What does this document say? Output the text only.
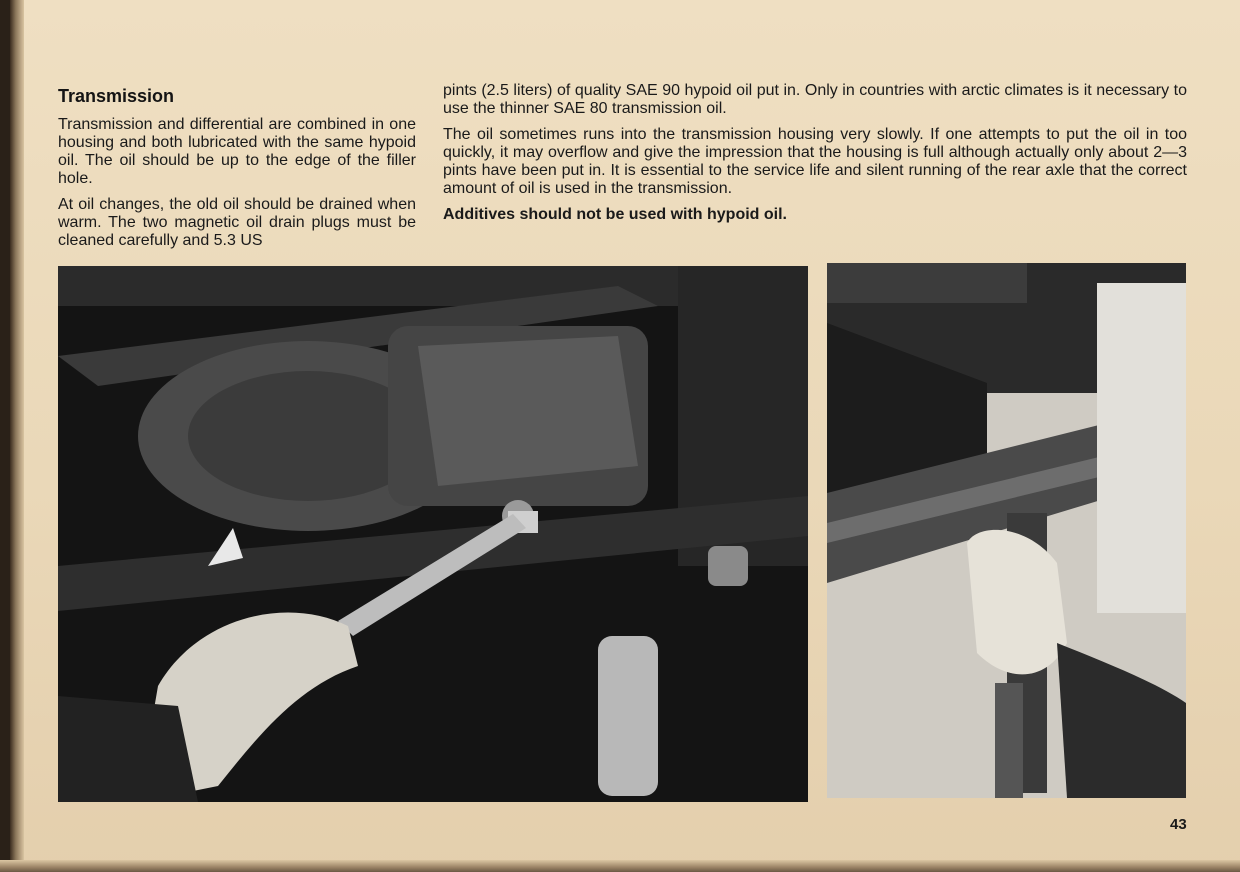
Transmission

Transmission and differential are combined in one housing and both lubricated with the same hypoid oil. The oil should be up to the edge of the filler hole.

At oil changes, the old oil should be drained when warm. The two magnetic oil drain plugs must be cleaned carefully and 5.3 US

pints (2.5 liters) of quality SAE 90 hypoid oil put in. Only in countries with arctic climates is it necessary to use the thinner SAE 80 transmission oil.

The oil sometimes runs into the transmission housing very slowly. If one attempts to put the oil in too quickly, it may overflow and give the impression that the housing is full although actually only about 2—3 pints have been put in. It is essential to the service life and silent running of the rear axle that the correct amount of oil is used in the transmission.

Additives should not be used with hypoid oil.

43
